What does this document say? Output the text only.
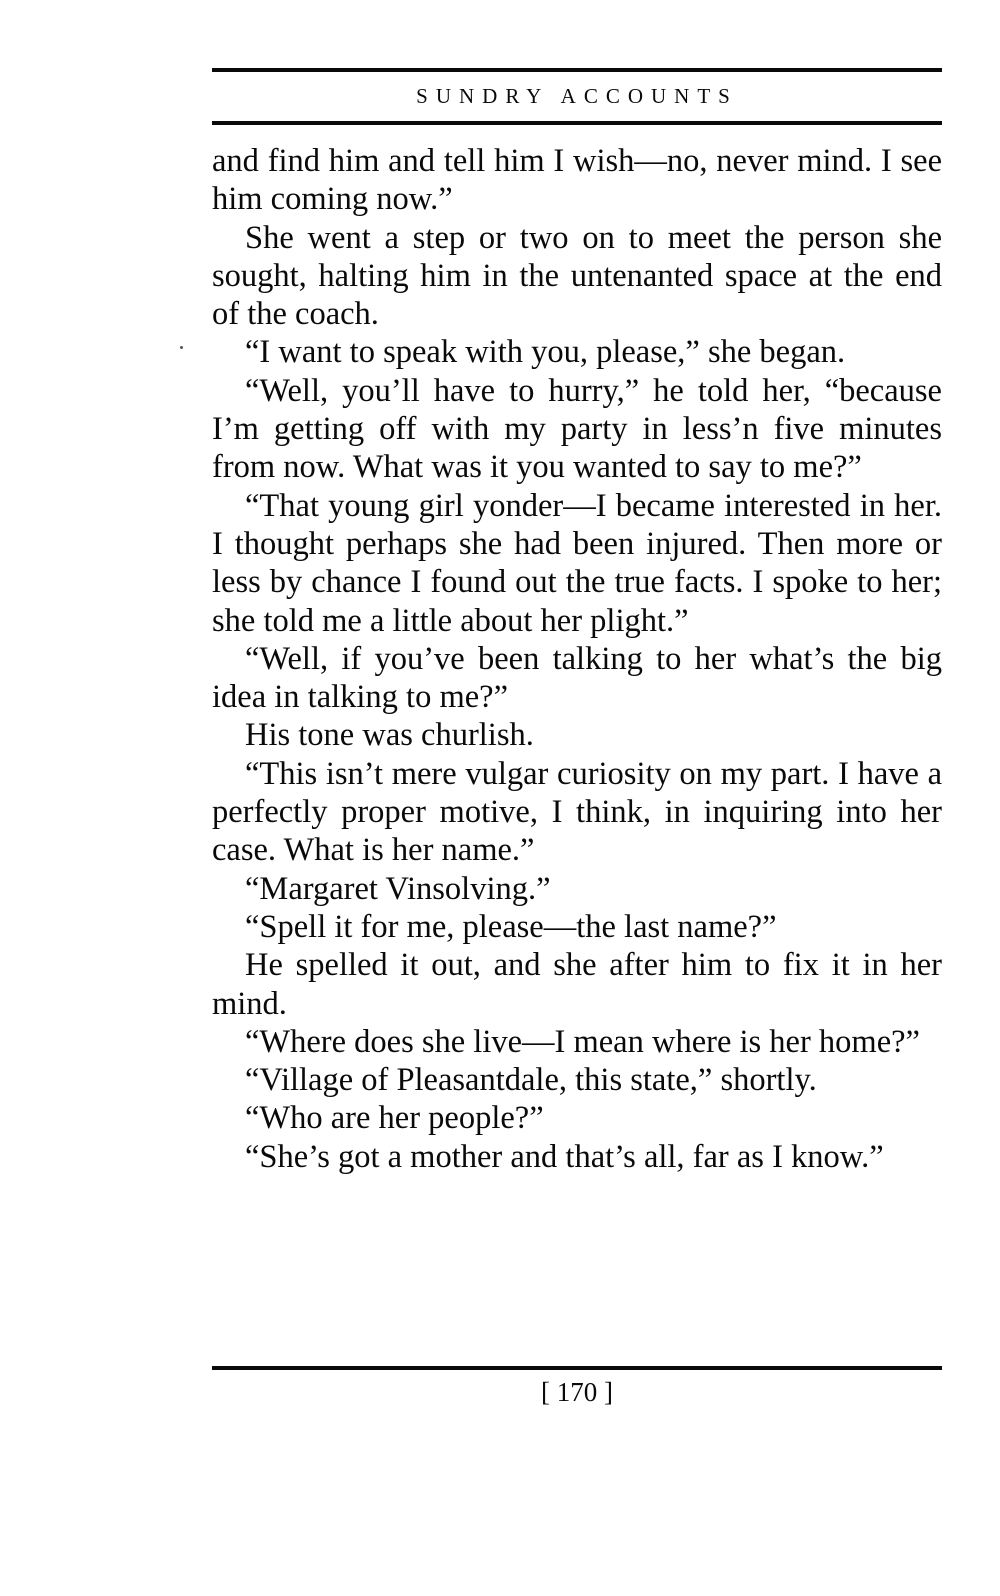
SUNDRY ACCOUNTS

and find him and tell him I wish—no, never mind. I see him coming now.”

She went a step or two on to meet the person she sought, halting him in the untenanted space at the end of the coach.

“I want to speak with you, please,” she began.

“Well, you’ll have to hurry,” he told her, “because I’m getting off with my party in less’n five minutes from now. What was it you wanted to say to me?”

“That young girl yonder—I became interested in her. I thought perhaps she had been injured. Then more or less by chance I found out the true facts. I spoke to her; she told me a little about her plight.”

“Well, if you’ve been talking to her what’s the big idea in talking to me?”

His tone was churlish.

“This isn’t mere vulgar curiosity on my part. I have a perfectly proper motive, I think, in inquiring into her case. What is her name.”

“Margaret Vinsolving.”

“Spell it for me, please—the last name?”

He spelled it out, and she after him to fix it in her mind.

“Where does she live—I mean where is her home?”

“Village of Pleasantdale, this state,” shortly.

“Who are her people?”

“She’s got a mother and that’s all, far as I know.”

[ 170 ]
